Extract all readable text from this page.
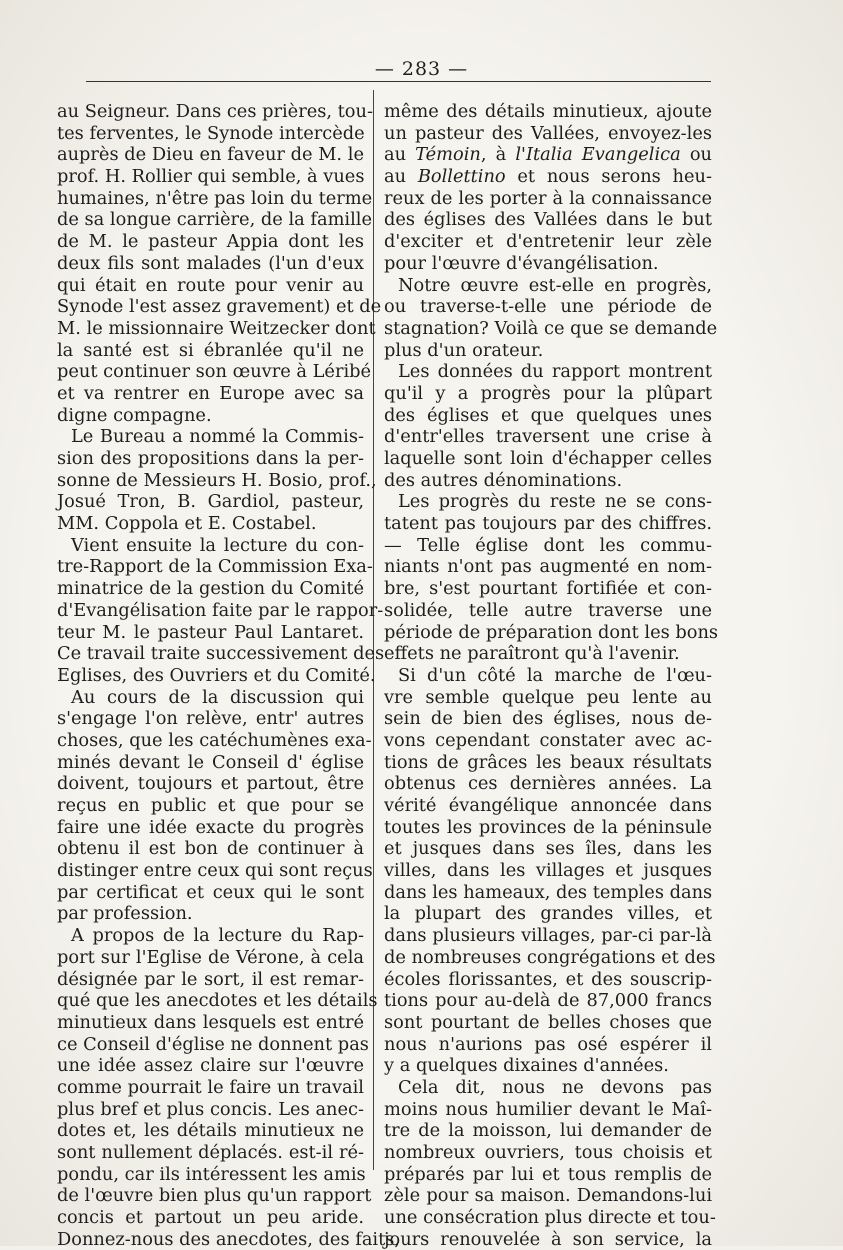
— 283 —
au Seigneur. Dans ces prières, tou-
tes ferventes, le Synode intercède
auprès de Dieu en faveur de M. le
prof. H. Rollier qui semble, à vues
humaines, n'être pas loin du terme
de sa longue carrière, de la famille
de M. le pasteur Appia dont les
deux fils sont malades (l'un d'eux
qui était en route pour venir au
Synode l'est assez gravement) et de
M. le missionnaire Weitzecker dont
la santé est si ébranlée qu'il ne
peut continuer son œuvre à Léribé
et va rentrer en Europe avec sa
digne compagne.
Le Bureau a nommé la Commis-
sion des propositions dans la per-
sonne de Messieurs H. Bosio, prof.,
Josué Tron, B. Gardiol, pasteur,
MM. Coppola et E. Costabel.
Vient ensuite la lecture du con-
tre-Rapport de la Commission Exa-
minatrice de la gestion du Comité
d'Evangélisation faite par le rappor-
teur M. le pasteur Paul Lantaret.
Ce travail traite successivement des
Eglises, des Ouvriers et du Comité.
Au cours de la discussion qui
s'engage l'on relève, entr' autres
choses, que les catéchumènes exa-
minés devant le Conseil d' église
doivent, toujours et partout, être
reçus en public et que pour se
faire une idée exacte du progrès
obtenu il est bon de continuer à
distinger entre ceux qui sont reçus
par certificat et ceux qui le sont
par profession.
A propos de la lecture du Rap-
port sur l'Eglise de Vérone, à cela
désignée par le sort, il est remar-
qué que les anecdotes et les détails
minutieux dans lesquels est entré
ce Conseil d'église ne donnent pas
une idée assez claire sur l'œuvre
comme pourrait le faire un travail
plus bref et plus concis. Les anec-
dotes et, les détails minutieux ne
sont nullement déplacés. est-il ré-
pondu, car ils intéressent les amis
de l'œuvre bien plus qu'un rapport
concis et partout un peu aride.
Donnez-nous des anecdotes, des faits,
même des détails minutieux, ajoute
un pasteur des Vallées, envoyez-les
au Témoin, à l'Italia Evangelica ou
au Bollettino et nous serons heu-
reux de les porter à la connaissance
des églises des Vallées dans le but
d'exciter et d'entretenir leur zèle
pour l'œuvre d'évangélisation.
Notre œuvre est-elle en progrès,
ou traverse-t-elle une période de
stagnation? Voilà ce que se demande
plus d'un orateur.
Les données du rapport montrent
qu'il y a progrès pour la plûpart
des églises et que quelques unes
d'entr'elles traversent une crise à
laquelle sont loin d'échapper celles
des autres dénominations.
Les progrès du reste ne se cons-
tatent pas toujours par des chiffres.
— Telle église dont les commu-
niants n'ont pas augmenté en nom-
bre, s'est pourtant fortifiée et con-
solidée, telle autre traverse une
période de préparation dont les bons
effets ne paraîtront qu'à l'avenir.
Si d'un côté la marche de l'œu-
vre semble quelque peu lente au
sein de bien des églises, nous de-
vons cependant constater avec ac-
tions de grâces les beaux résultats
obtenus ces dernières années. La
vérité évangélique annoncée dans
toutes les provinces de la péninsule
et jusques dans ses îles, dans les
villes, dans les villages et jusques
dans les hameaux, des temples dans
la plupart des grandes villes, et
dans plusieurs villages, par-ci par-là
de nombreuses congrégations et des
écoles florissantes, et des souscrip-
tions pour au-delà de 87,000 francs
sont pourtant de belles choses que
nous n'aurions pas osé espérer il
y a quelques dixaines d'années.
Cela dit, nous ne devons pas
moins nous humilier devant le Maî-
tre de la moisson, lui demander de
nombreux ouvriers, tous choisis et
préparés par lui et tous remplis de
zèle pour sa maison. Demandons-lui
une consécration plus directe et tou-
jours renouvelée à son service, la
